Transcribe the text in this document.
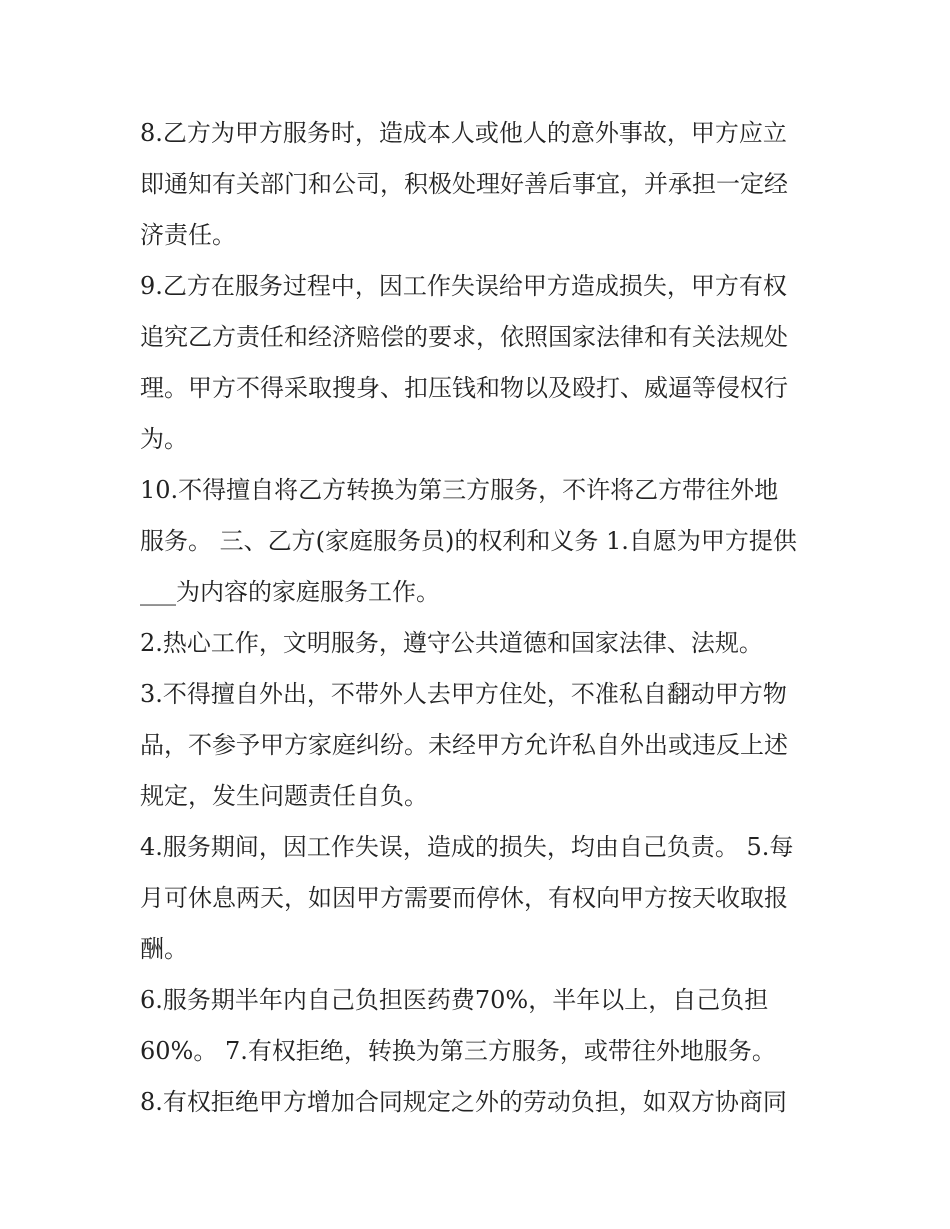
8.乙方为甲方服务时，造成本人或他人的意外事故，甲方应立
即通知有关部门和公司，积极处理好善后事宜，并承担一定经
济责任。
9.乙方在服务过程中，因工作失误给甲方造成损失，甲方有权
追究乙方责任和经济赔偿的要求，依照国家法律和有关法规处
理。甲方不得采取搜身、扣压钱和物以及殴打、威逼等侵权行
为。
10.不得擅自将乙方转换为第三方服务，不许将乙方带往外地
服务。 三、乙方(家庭服务员)的权利和义务 1.自愿为甲方提供
___为内容的家庭服务工作。
2.热心工作，文明服务，遵守公共道德和国家法律、法规。
3.不得擅自外出，不带外人去甲方住处，不准私自翻动甲方物
品，不参予甲方家庭纠纷。未经甲方允许私自外出或违反上述
规定，发生问题责任自负。
4.服务期间，因工作失误，造成的损失，均由自己负责。 5.每
月可休息两天，如因甲方需要而停休，有权向甲方按天收取报
酬。
6.服务期半年内自己负担医药费70%，半年以上，自己负担
60%。 7.有权拒绝，转换为第三方服务，或带往外地服务。
8.有权拒绝甲方增加合同规定之外的劳动负担，如双方协商同
